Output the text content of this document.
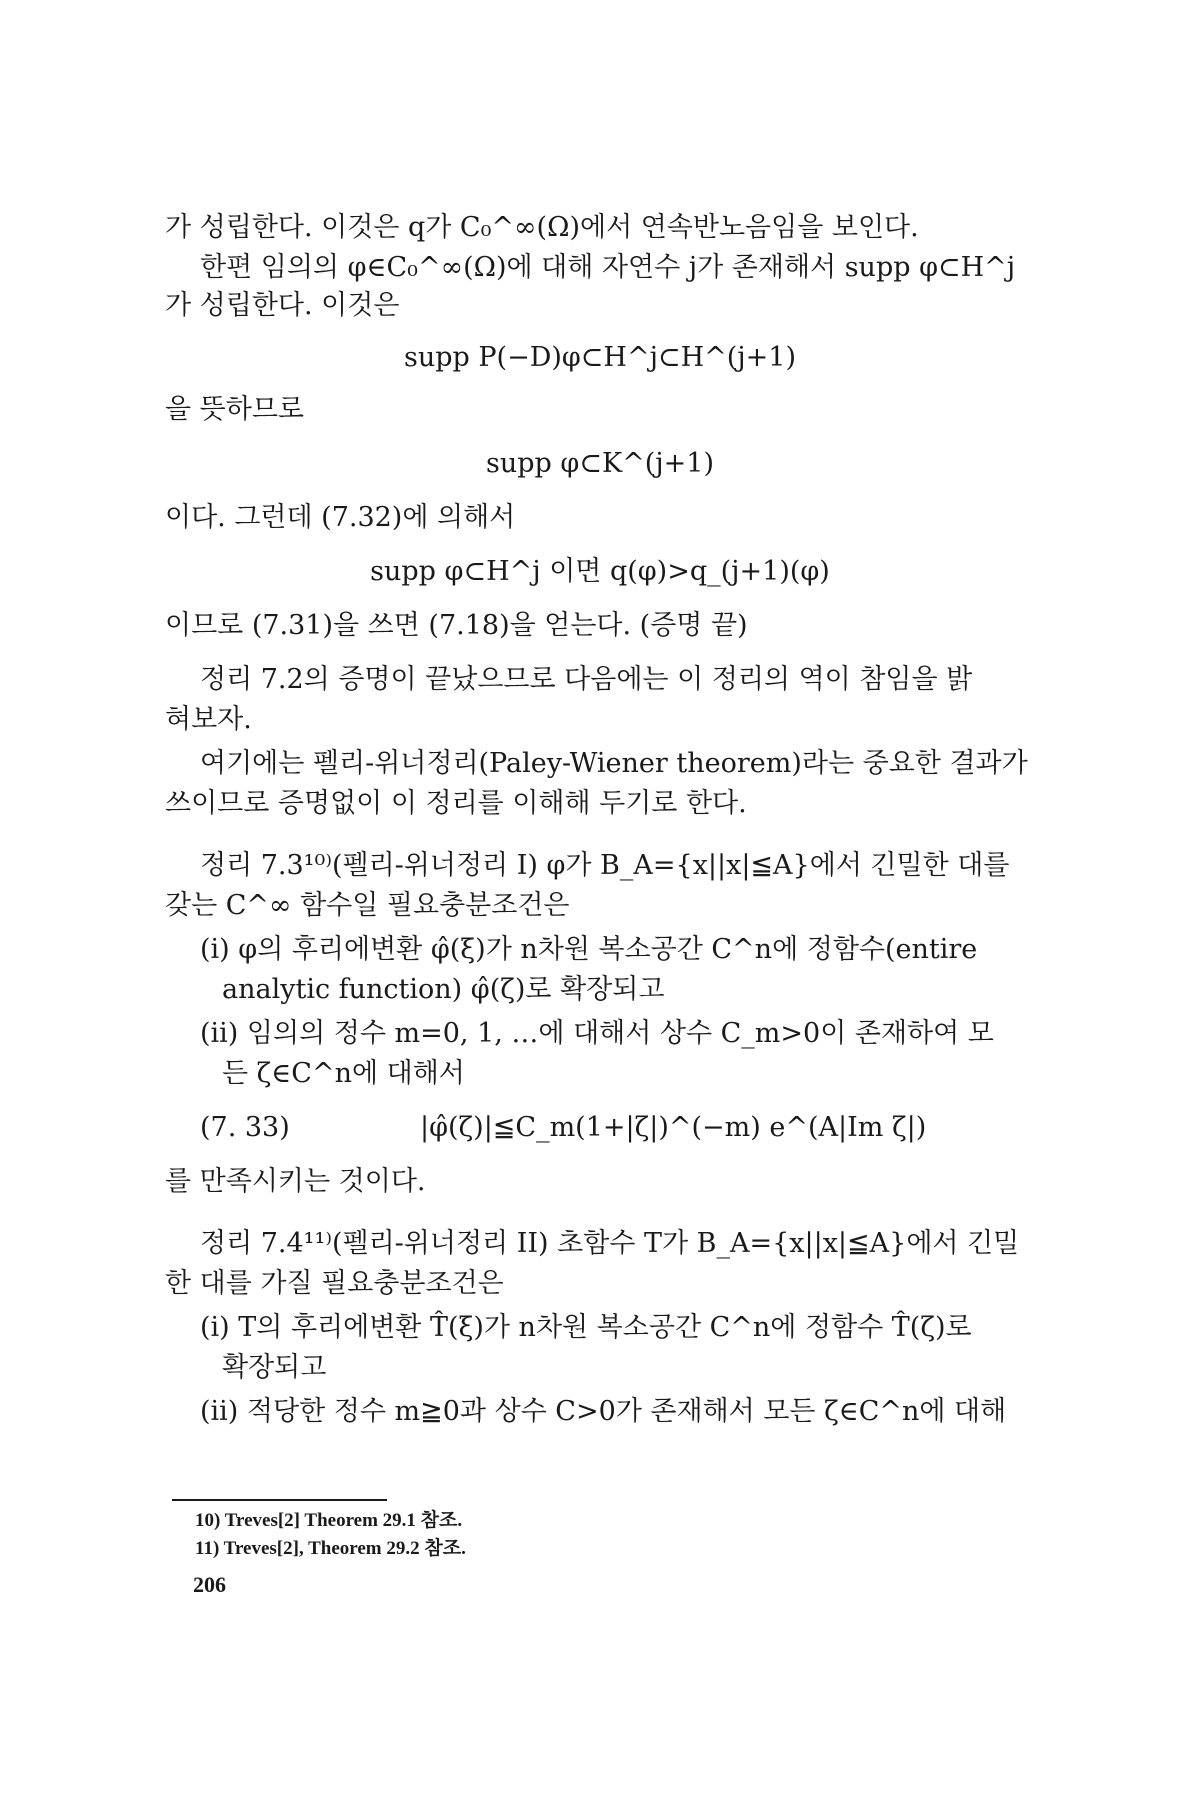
가 성립한다. 이것은 q가 C₀^∞(Ω)에서 연속반노음임을 보인다.
한편 임의의 φ∈C₀^∞(Ω)에 대해 자연수 j가 존재해서 supp φ⊂H^j
가 성립한다. 이것은
supp P(−D)φ⊂H^j⊂H^(j+1)
을 뜻하므로
supp φ⊂K^(j+1)
이다. 그런데 (7.32)에 의해서
supp φ⊂H^j 이면 q(φ)>q_(j+1)(φ)
이므로 (7.31)을 쓰면 (7.18)을 얻는다. (증명 끝)
정리 7.2의 증명이 끝났으므로 다음에는 이 정리의 역이 참임을 밝
혀보자.
여기에는 펠리-위너정리(Paley-Wiener theorem)라는 중요한 결과가
쓰이므로 증명없이 이 정리를 이해해 두기로 한다.
정리 7.3¹⁰⁾(펠리-위너정리 I) φ가 B_A={x||x|≦A}에서 긴밀한 대를
갖는 C^∞ 함수일 필요충분조건은
(i) φ의 후리에변환 φ̂(ξ)가 n차원 복소공간 C^n에 정함수(entire
analytic function) φ̂(ζ)로 확장되고
(ii) 임의의 정수 m=0, 1, …에 대해서 상수 C_m>0이 존재하여 모
든 ζ∈C^n에 대해서
(7. 33)	|φ̂(ζ)|≦C_m(1+|ζ|)^(−m) e^(A|Im ζ|)
를 만족시키는 것이다.
정리 7.4¹¹⁾(펠리-위너정리 II) 초함수 T가 B_A={x||x|≦A}에서 긴밀
한 대를 가질 필요충분조건은
(i) T의 후리에변환 T̂(ξ)가 n차원 복소공간 C^n에 정함수 T̂(ζ)로
확장되고
(ii) 적당한 정수 m≧0과 상수 C>0가 존재해서 모든 ζ∈C^n에 대해
10) Treves[2] Theorem 29.1 참조.
11) Treves[2], Theorem 29.2 참조.
206
